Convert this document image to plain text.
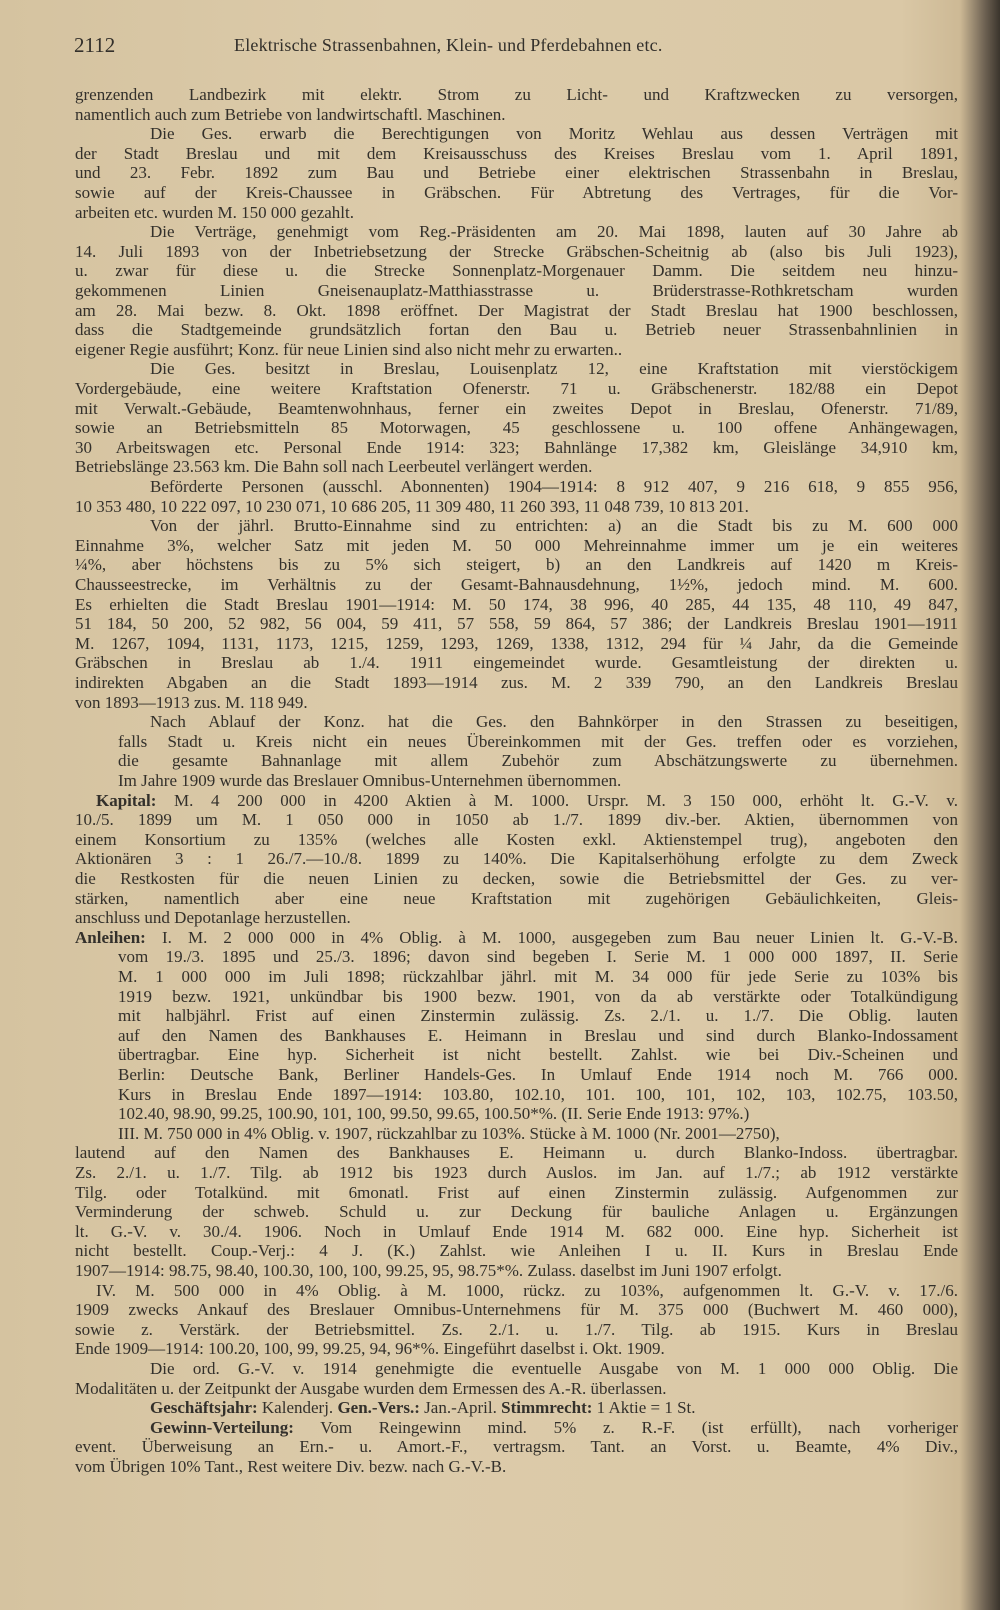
2112	Elektrische Strassenbahnen, Klein- und Pferdebahnen etc.
grenzenden Landbezirk mit elektr. Strom zu Licht- und Kraftzwecken zu versorgen,
namentlich auch zum Betriebe von landwirtschaftl. Maschinen.
Die Ges. erwarb die Berechtigungen von Moritz Wehlau aus dessen Verträgen mit
der Stadt Breslau und mit dem Kreisausschuss des Kreises Breslau vom 1. April 1891,
und 23. Febr. 1892 zum Bau und Betriebe einer elektrischen Strassenbahn in Breslau,
sowie auf der Kreis-Chaussee in Gräbschen. Für Abtretung des Vertrages, für die Vor-
arbeiten etc. wurden M. 150 000 gezahlt.
Die Verträge, genehmigt vom Reg.-Präsidenten am 20. Mai 1898, lauten auf 30 Jahre ab
14. Juli 1893 von der Inbetriebsetzung der Strecke Gräbschen-Scheitnig ab (also bis Juli 1923),
u. zwar für diese u. die Strecke Sonnenplatz-Morgenauer Damm. Die seitdem neu hinzu-
gekommenen Linien Gneisenauplatz-Matthiasstrasse u. Brüderstrasse-Rothkretscham wurden
am 28. Mai bezw. 8. Okt. 1898 eröffnet. Der Magistrat der Stadt Breslau hat 1900 beschlossen,
dass die Stadtgemeinde grundsätzlich fortan den Bau u. Betrieb neuer Strassenbahnlinien in
eigener Regie ausführt; Konz. für neue Linien sind also nicht mehr zu erwarten..
Die Ges. besitzt in Breslau, Louisenplatz 12, eine Kraftstation mit vierstöckigem
Vordergebäude, eine weitere Kraftstation Ofenerstr. 71 u. Gräbschenerstr. 182/88 ein Depot
mit Verwalt.-Gebäude, Beamtenwohnhaus, ferner ein zweites Depot in Breslau, Ofenerstr. 71/89,
sowie an Betriebsmitteln 85 Motorwagen, 45 geschlossene u. 100 offene Anhängewagen,
30 Arbeitswagen etc. Personal Ende 1914: 323; Bahnlänge 17,382 km, Gleislänge 34,910 km,
Betriebslänge 23.563 km. Die Bahn soll nach Leerbeutel verlängert werden.
Beförderte Personen (ausschl. Abonnenten) 1904—1914: 8 912 407, 9 216 618, 9 855 956,
10 353 480, 10 222 097, 10 230 071, 10 686 205, 11 309 480, 11 260 393, 11 048 739, 10 813 201.
Von der jährl. Brutto-Einnahme sind zu entrichten: a) an die Stadt bis zu M. 600 000
Einnahme 3%, welcher Satz mit jeden M. 50 000 Mehreinnahme immer um je ein weiteres
¼%, aber höchstens bis zu 5% sich steigert, b) an den Landkreis auf 1420 m Kreis-
Chausseestrecke, im Verhältnis zu der Gesamt-Bahnausdehnung, 1½%, jedoch mind. M. 600.
Es erhielten die Stadt Breslau 1901—1914: M. 50 174, 38 996, 40 285, 44 135, 48 110, 49 847,
51 184, 50 200, 52 982, 56 004, 59 411, 57 558, 59 864, 57 386; der Landkreis Breslau 1901—1911
M. 1267, 1094, 1131, 1173, 1215, 1259, 1293, 1269, 1338, 1312, 294 für ¼ Jahr, da die Gemeinde
Gräbschen in Breslau ab 1./4. 1911 eingemeindet wurde. Gesamtleistung der direkten u.
indirekten Abgaben an die Stadt 1893—1914 zus. M. 2 339 790, an den Landkreis Breslau
von 1893—1913 zus. M. 118 949.
Nach Ablauf der Konz. hat die Ges. den Bahnkörper in den Strassen zu beseitigen,
falls Stadt u. Kreis nicht ein neues Übereinkommen mit der Ges. treffen oder es vorziehen,
die gesamte Bahnanlage mit allem Zubehör zum Abschätzungswerte zu übernehmen.
Im Jahre 1909 wurde das Breslauer Omnibus-Unternehmen übernommen.
Kapital: M. 4 200 000 in 4200 Aktien à M. 1000. Urspr. M. 3 150 000, erhöht lt. G.-V. v.
10./5. 1899 um M. 1 050 000 in 1050 ab 1./7. 1899 div.-ber. Aktien, übernommen von
einem Konsortium zu 135% (welches alle Kosten exkl. Aktienstempel trug), angeboten den
Aktionären 3 : 1 26./7.—10./8. 1899 zu 140%. Die Kapitalserhöhung erfolgte zu dem Zweck
die Restkosten für die neuen Linien zu decken, sowie die Betriebsmittel der Ges. zu ver-
stärken, namentlich aber eine neue Kraftstation mit zugehörigen Gebäulichkeiten, Gleis-
anschluss und Depotanlage herzustellen.
Anleihen: I. M. 2 000 000 in 4% Oblig. à M. 1000, ausgegeben zum Bau neuer Linien lt. G.-V.-B.
vom 19./3. 1895 und 25./3. 1896; davon sind begeben I. Serie M. 1 000 000 1897, II. Serie
M. 1 000 000 im Juli 1898; rückzahlbar jährl. mit M. 34 000 für jede Serie zu 103% bis
1919 bezw. 1921, unkündbar bis 1900 bezw. 1901, von da ab verstärkte oder Totalkündigung
mit halbjährl. Frist auf einen Zinstermin zulässig. Zs. 2./1. u. 1./7. Die Oblig. lauten
auf den Namen des Bankhauses E. Heimann in Breslau und sind durch Blanko-Indossament
übertragbar. Eine hyp. Sicherheit ist nicht bestellt. Zahlst. wie bei Div.-Scheinen und
Berlin: Deutsche Bank, Berliner Handels-Ges. In Umlauf Ende 1914 noch M. 766 000.
Kurs in Breslau Ende 1897—1914: 103.80, 102.10, 101. 100, 101, 102, 103, 102.75, 103.50,
102.40, 98.90, 99.25, 100.90, 101, 100, 99.50, 99.65, 100.50*%. (II. Serie Ende 1913: 97%.)
III. M. 750 000 in 4% Oblig. v. 1907, rückzahlbar zu 103%. Stücke à M. 1000 (Nr. 2001—2750),
lautend auf den Namen des Bankhauses E. Heimann u. durch Blanko-Indoss. übertragbar.
Zs. 2./1. u. 1./7. Tilg. ab 1912 bis 1923 durch Auslos. im Jan. auf 1./7.; ab 1912 verstärkte
Tilg. oder Totalkünd. mit 6monatl. Frist auf einen Zinstermin zulässig. Aufgenommen zur
Verminderung der schweb. Schuld u. zur Deckung für bauliche Anlagen u. Ergänzungen
lt. G.-V. v. 30./4. 1906. Noch in Umlauf Ende 1914 M. 682 000. Eine hyp. Sicherheit ist
nicht bestellt. Coup.-Verj.: 4 J. (K.) Zahlst. wie Anleihen I u. II. Kurs in Breslau Ende
1907—1914: 98.75, 98.40, 100.30, 100, 100, 99.25, 95, 98.75*%. Zulass. daselbst im Juni 1907 erfolgt.
IV. M. 500 000 in 4% Oblig. à M. 1000, rückz. zu 103%, aufgenommen lt. G.-V. v. 17./6.
1909 zwecks Ankauf des Breslauer Omnibus-Unternehmens für M. 375 000 (Buchwert M. 460 000),
sowie z. Verstärk. der Betriebsmittel. Zs. 2./1. u. 1./7. Tilg. ab 1915. Kurs in Breslau
Ende 1909—1914: 100.20, 100, 99, 99.25, 94, 96*%. Eingeführt daselbst i. Okt. 1909.
Die ord. G.-V. v. 1914 genehmigte die eventuelle Ausgabe von M. 1 000 000 Oblig. Die
Modalitäten u. der Zeitpunkt der Ausgabe wurden dem Ermessen des A.-R. überlassen.
Geschäftsjahr: Kalenderj. Gen.-Vers.: Jan.-April. Stimmrecht: 1 Aktie = 1 St.
Gewinn-Verteilung: Vom Reingewinn mind. 5% z. R.-F. (ist erfüllt), nach vorheriger
event. Überweisung an Ern.- u. Amort.-F., vertragsm. Tant. an Vorst. u. Beamte, 4% Div.,
vom Übrigen 10% Tant., Rest weitere Div. bezw. nach G.-V.-B.
